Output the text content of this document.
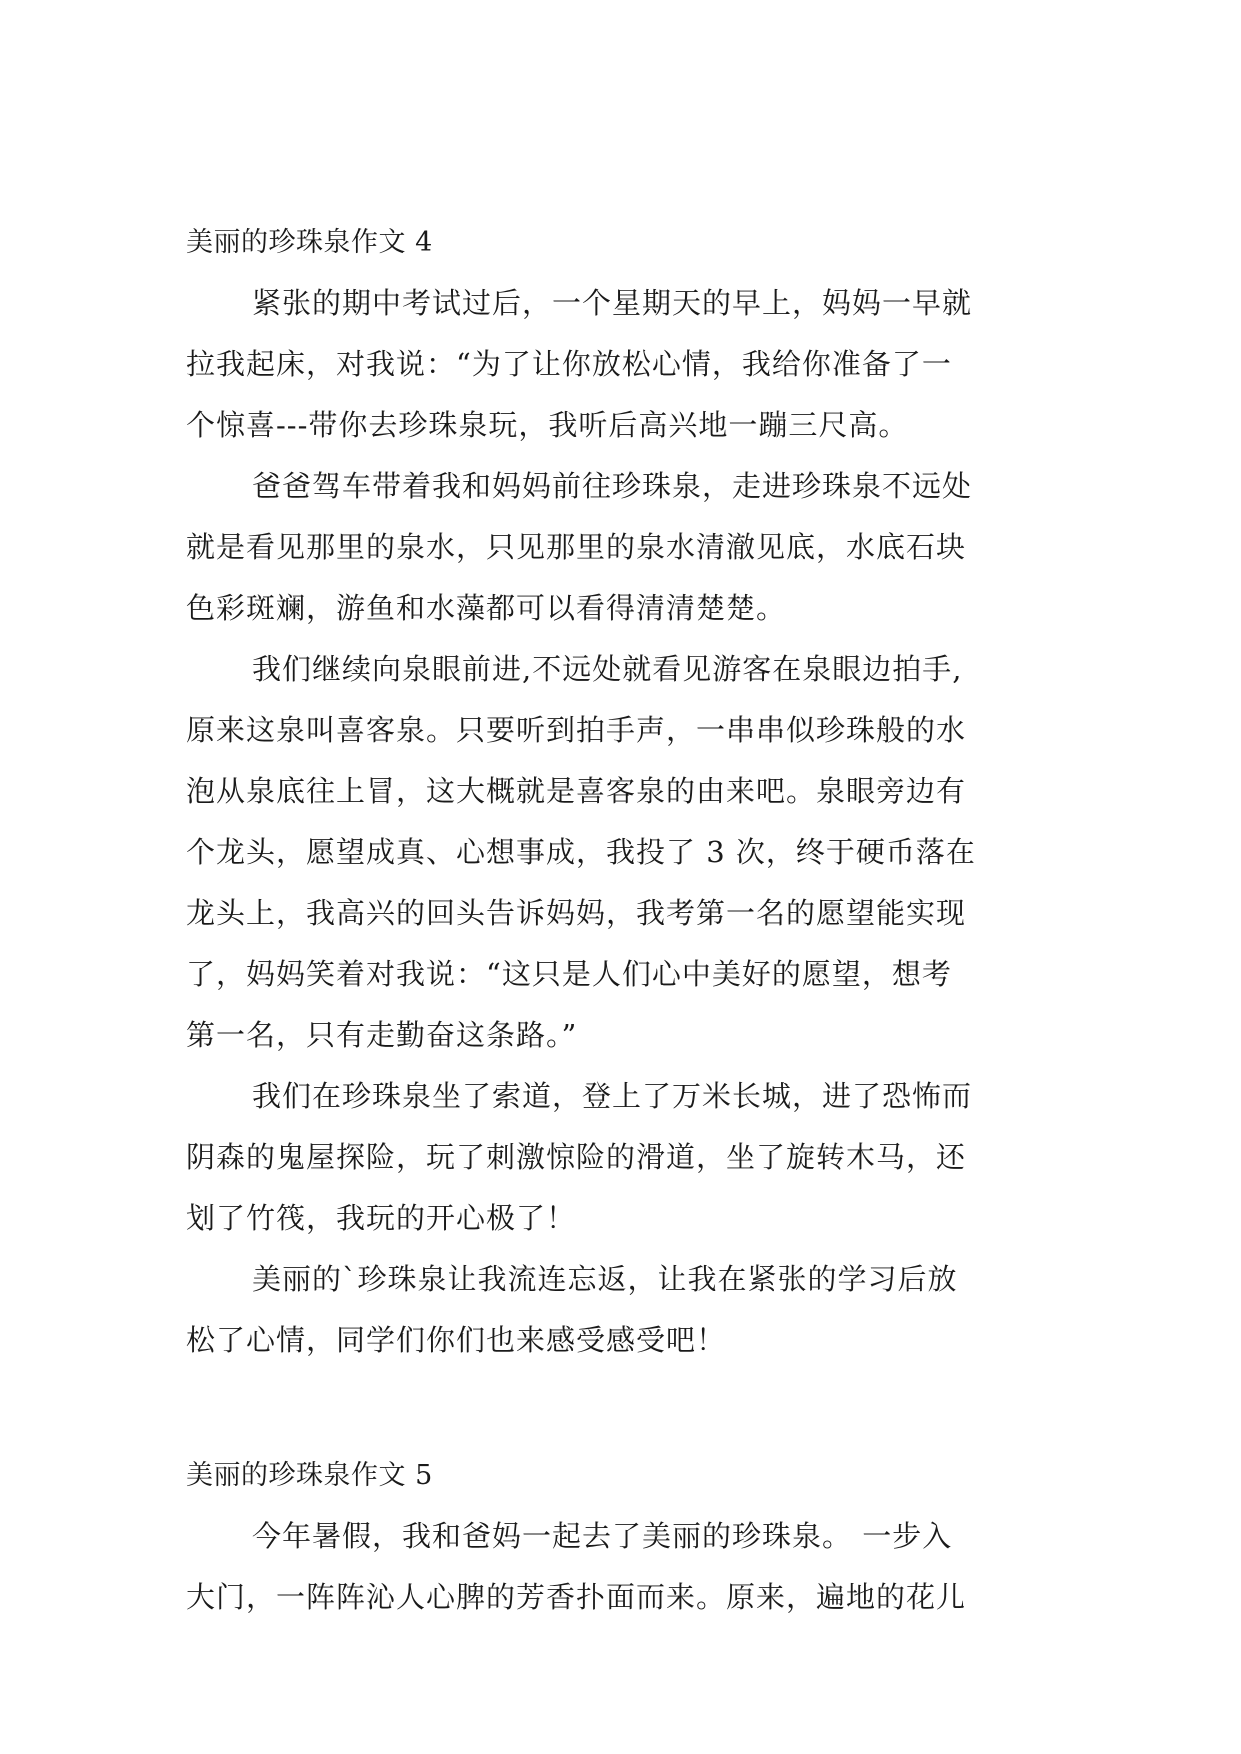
美丽的珍珠泉作文 4
紧张的期中考试过后，一个星期天的早上，妈妈一早就
拉我起床，对我说：“为了让你放松心情，我给你准备了一
个惊喜---带你去珍珠泉玩，我听后高兴地一蹦三尺高。
爸爸驾车带着我和妈妈前往珍珠泉，走进珍珠泉不远处
就是看见那里的泉水，只见那里的泉水清澈见底，水底石块
色彩斑斓，游鱼和水藻都可以看得清清楚楚。
我们继续向泉眼前进,不远处就看见游客在泉眼边拍手,
原来这泉叫喜客泉。只要听到拍手声，一串串似珍珠般的水
泡从泉底往上冒，这大概就是喜客泉的由来吧。泉眼旁边有
个龙头，愿望成真、心想事成，我投了 3 次，终于硬币落在
龙头上，我高兴的回头告诉妈妈，我考第一名的愿望能实现
了，妈妈笑着对我说：“这只是人们心中美好的愿望，想考
第一名，只有走勤奋这条路。”
我们在珍珠泉坐了索道，登上了万米长城，进了恐怖而
阴森的鬼屋探险，玩了刺激惊险的滑道，坐了旋转木马，还
划了竹筏，我玩的开心极了！
美丽的`珍珠泉让我流连忘返，让我在紧张的学习后放
松了心情，同学们你们也来感受感受吧！
美丽的珍珠泉作文 5
今年暑假，我和爸妈一起去了美丽的珍珠泉。 一步入
大门，一阵阵沁人心脾的芳香扑面而来。原来，遍地的花儿
